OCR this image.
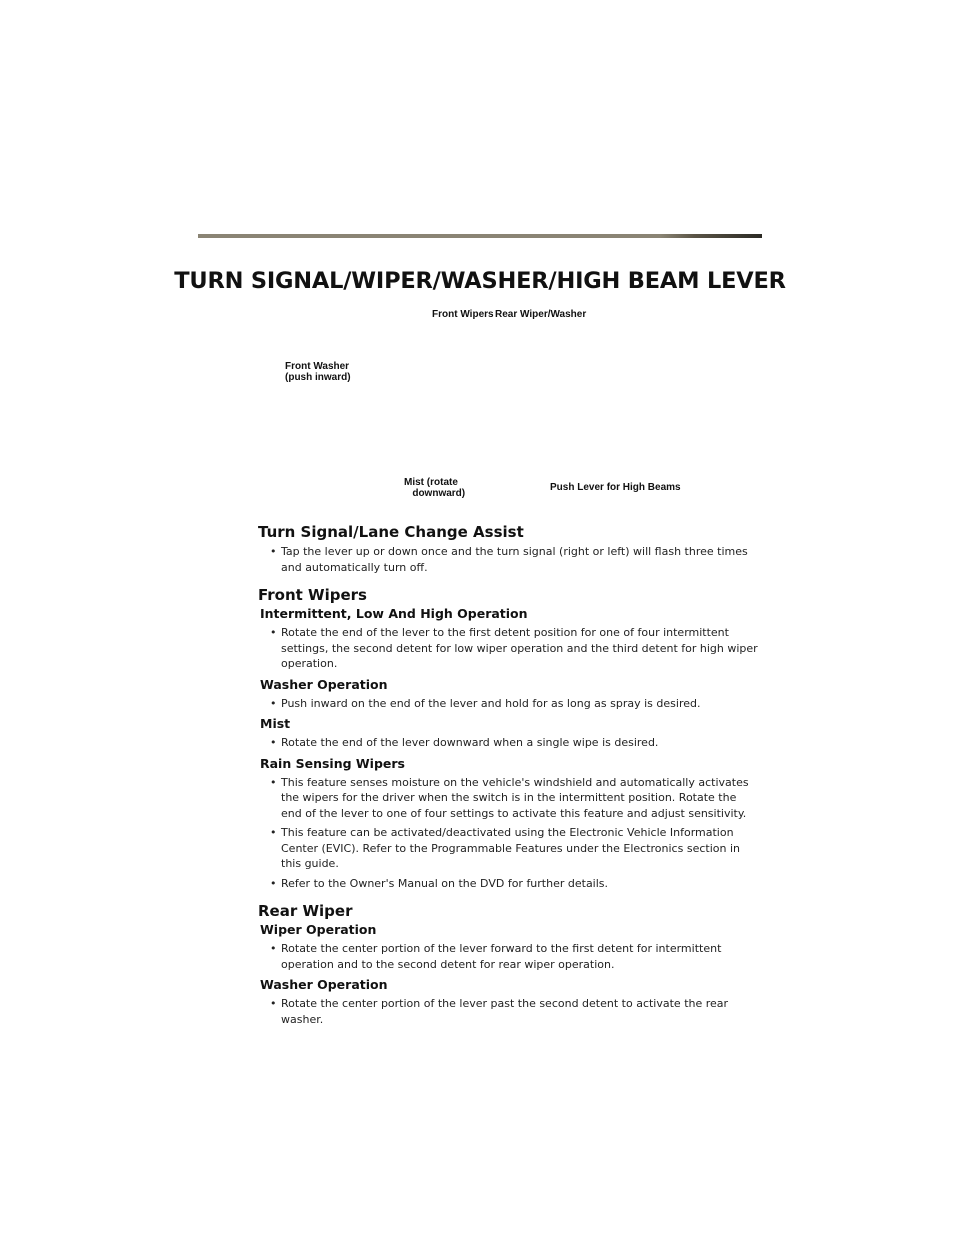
TURN SIGNAL/WIPER/WASHER/HIGH BEAM LEVER
Front Wipers Rear Wiper/Washer
Front Washer
(push inward)
Mist (rotate
downward)
Push Lever for High Beams
Turn Signal/Lane Change Assist
• Tap the lever up or down once and the turn signal (right or left) will flash three times and automatically turn off.
Front Wipers
Intermittent, Low And High Operation
• Rotate the end of the lever to the first detent position for one of four intermittent settings, the second detent for low wiper operation and the third detent for high wiper operation.
Washer Operation
• Push inward on the end of the lever and hold for as long as spray is desired.
Mist
• Rotate the end of the lever downward when a single wipe is desired.
Rain Sensing Wipers
• This feature senses moisture on the vehicle's windshield and automatically activates the wipers for the driver when the switch is in the intermittent position. Rotate the end of the lever to one of four settings to activate this feature and adjust sensitivity.
• This feature can be activated/deactivated using the Electronic Vehicle Information Center (EVIC). Refer to the Programmable Features under the Electronics section in this guide.
• Refer to the Owner's Manual on the DVD for further details.
Rear Wiper
Wiper Operation
• Rotate the center portion of the lever forward to the first detent for intermittent operation and to the second detent for rear wiper operation.
Washer Operation
• Rotate the center portion of the lever past the second detent to activate the rear washer.
